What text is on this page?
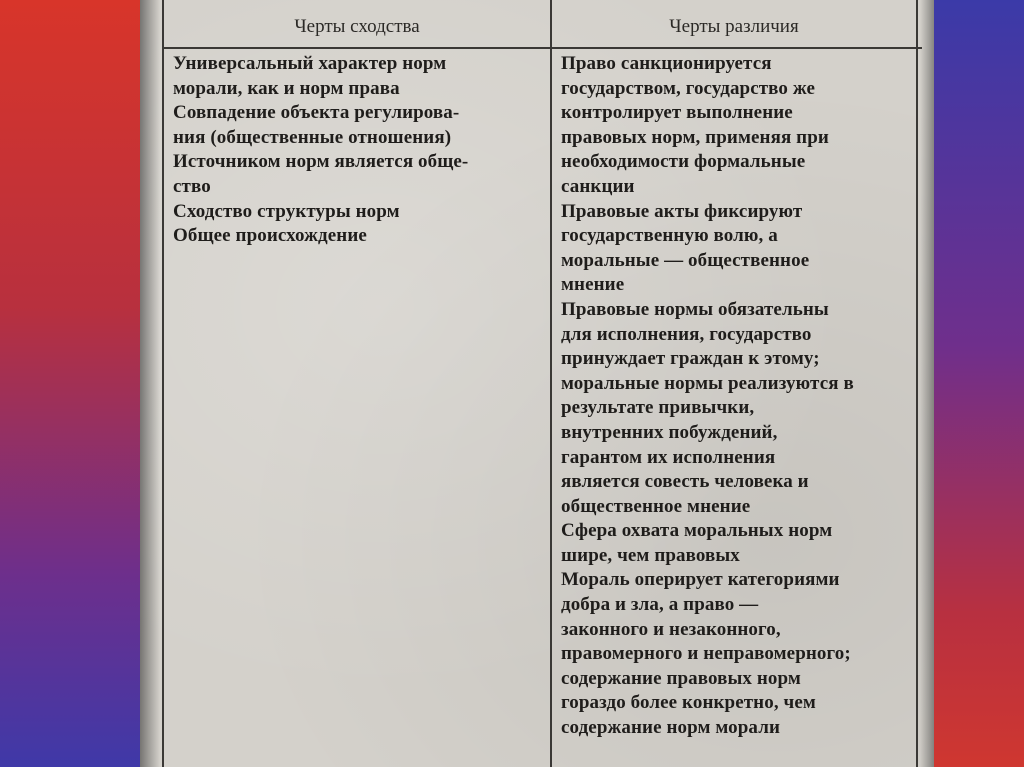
Черты сходства	Черты различия
Универсальный характер норм
морали, как и норм права
Совпадение объекта регулирова-
ния (общественные отношения)
Источником норм является обще-
ство
Сходство структуры норм
Общее происхождение
Право санкционируется
государством, государство же
контролирует выполнение
правовых норм, применяя при
необходимости формальные
санкции
Правовые акты фиксируют
государственную волю, а
моральные — общественное
мнение
Правовые нормы обязательны
для исполнения, государство
принуждает граждан к этому;
моральные нормы реализуются в
результате привычки,
внутренних побуждений,
гарантом их исполнения
является совесть человека и
общественное мнение
Сфера охвата моральных норм
шире, чем правовых
Мораль оперирует категориями
добра и зла, а право —
законного и незаконного,
правомерного и неправомерного;
содержание правовых норм
гораздо более конкретно, чем
содержание норм морали
